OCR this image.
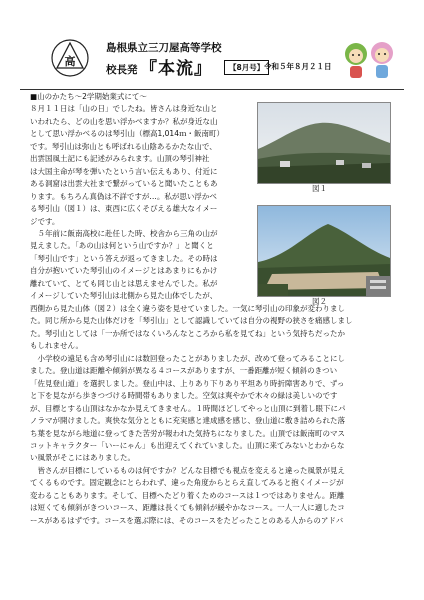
高
島根県立三刀屋高等学校
校長発 『本流』	【8月号】 令和５年８月２１日
■山のかたち～2学期始業式にて～
８月１１日は「山の日」でしたね。皆さんは身近な山と
いわれたら、どの山を思い浮かべますか？私が身近な山
として思い浮かべるのは琴引山（標高1,014ｍ・飯南町）
です。琴引山は弥山とも呼ばれる山陰あるかたな山で、
出雲国風土記にも記述がみられます。山頂の琴引神社
は大国主命が琴を弾いたという言い伝えもあり、付近に
ある洞窟は出雲大社まで繋がっていると聞いたこともあ
ります。もちろん真偽は不詳ですが…。私が思い浮かべ
る琴引山（図１）は、東西に広くそびえる雄大なイメー
ジです。
　５年前に飯南高校に赴任した時、校舎から三角の山が
見えました。「あの山は何という山ですか？」と聞くと
「琴引山です」という答えが返ってきました。その時は
自分が抱いていた琴引山のイメージとはあまりにもかけ
離れていて、とても同じ山とは思えませんでした。私が
イメージしていた琴引山は北側から見た山体でしたが、
図１
図２
西側から見た山体（図２）は全く違う姿を見せていました。一気に琴引山の印象が変わりまし
た。同じ所から見た山体だけを「琴引山」として認識していては自分の視野の狭さを痛感しまし
た。琴引山としては「一か所ではなくいろんなところから私を見てね」という気持ちだったか
もしれません。
　小学校の遠足も含め琴引山には数回登ったことがありましたが、改めて登ってみることにし
ました。登山道は距離や傾斜が異なる４コースがありますが、一番距離が短く傾斜のきつい
「佐見登山道」を選択しました。登山中は、上りあり下りあり平坦あり時折障害ありで、ずっ
と下を見ながら歩きつづける時間帯もありました。空気は爽やかで木々の緑は美しいのです
が、目標とする山頂はなかなか見えてきません。１時間ほどしてやっと山頂に到着し眼下にパ
ノラマが開けました。爽快な気分とともに充実感と達成感を感じ、登山道に敷き詰められた落
ち葉を見ながら地道に登ってきた苦労が報われた気持ちになりました。山頂では飯南町のマス
コットキャラクター「いーにゃん」も出迎えてくれていました。山頂に来てみないとわからな
い風景がそこにはありました。
　皆さんが目標にしているものは何ですか？どんな目標でも視点を変えると違った風景が見え
てくるものです。固定観念にとらわれず、違った角度からとらえ直してみると抱くイメージが
変わることもあります。そして、目標へたどり着くためのコースは１つではありません。距離
は短くても傾斜がきついコース、距離は長くても傾斜が緩やかなコース。一人一人に適したコ
ースがあるはずです。コースを選ぶ際には、そのコースをたどったことのある人からのアドバ
